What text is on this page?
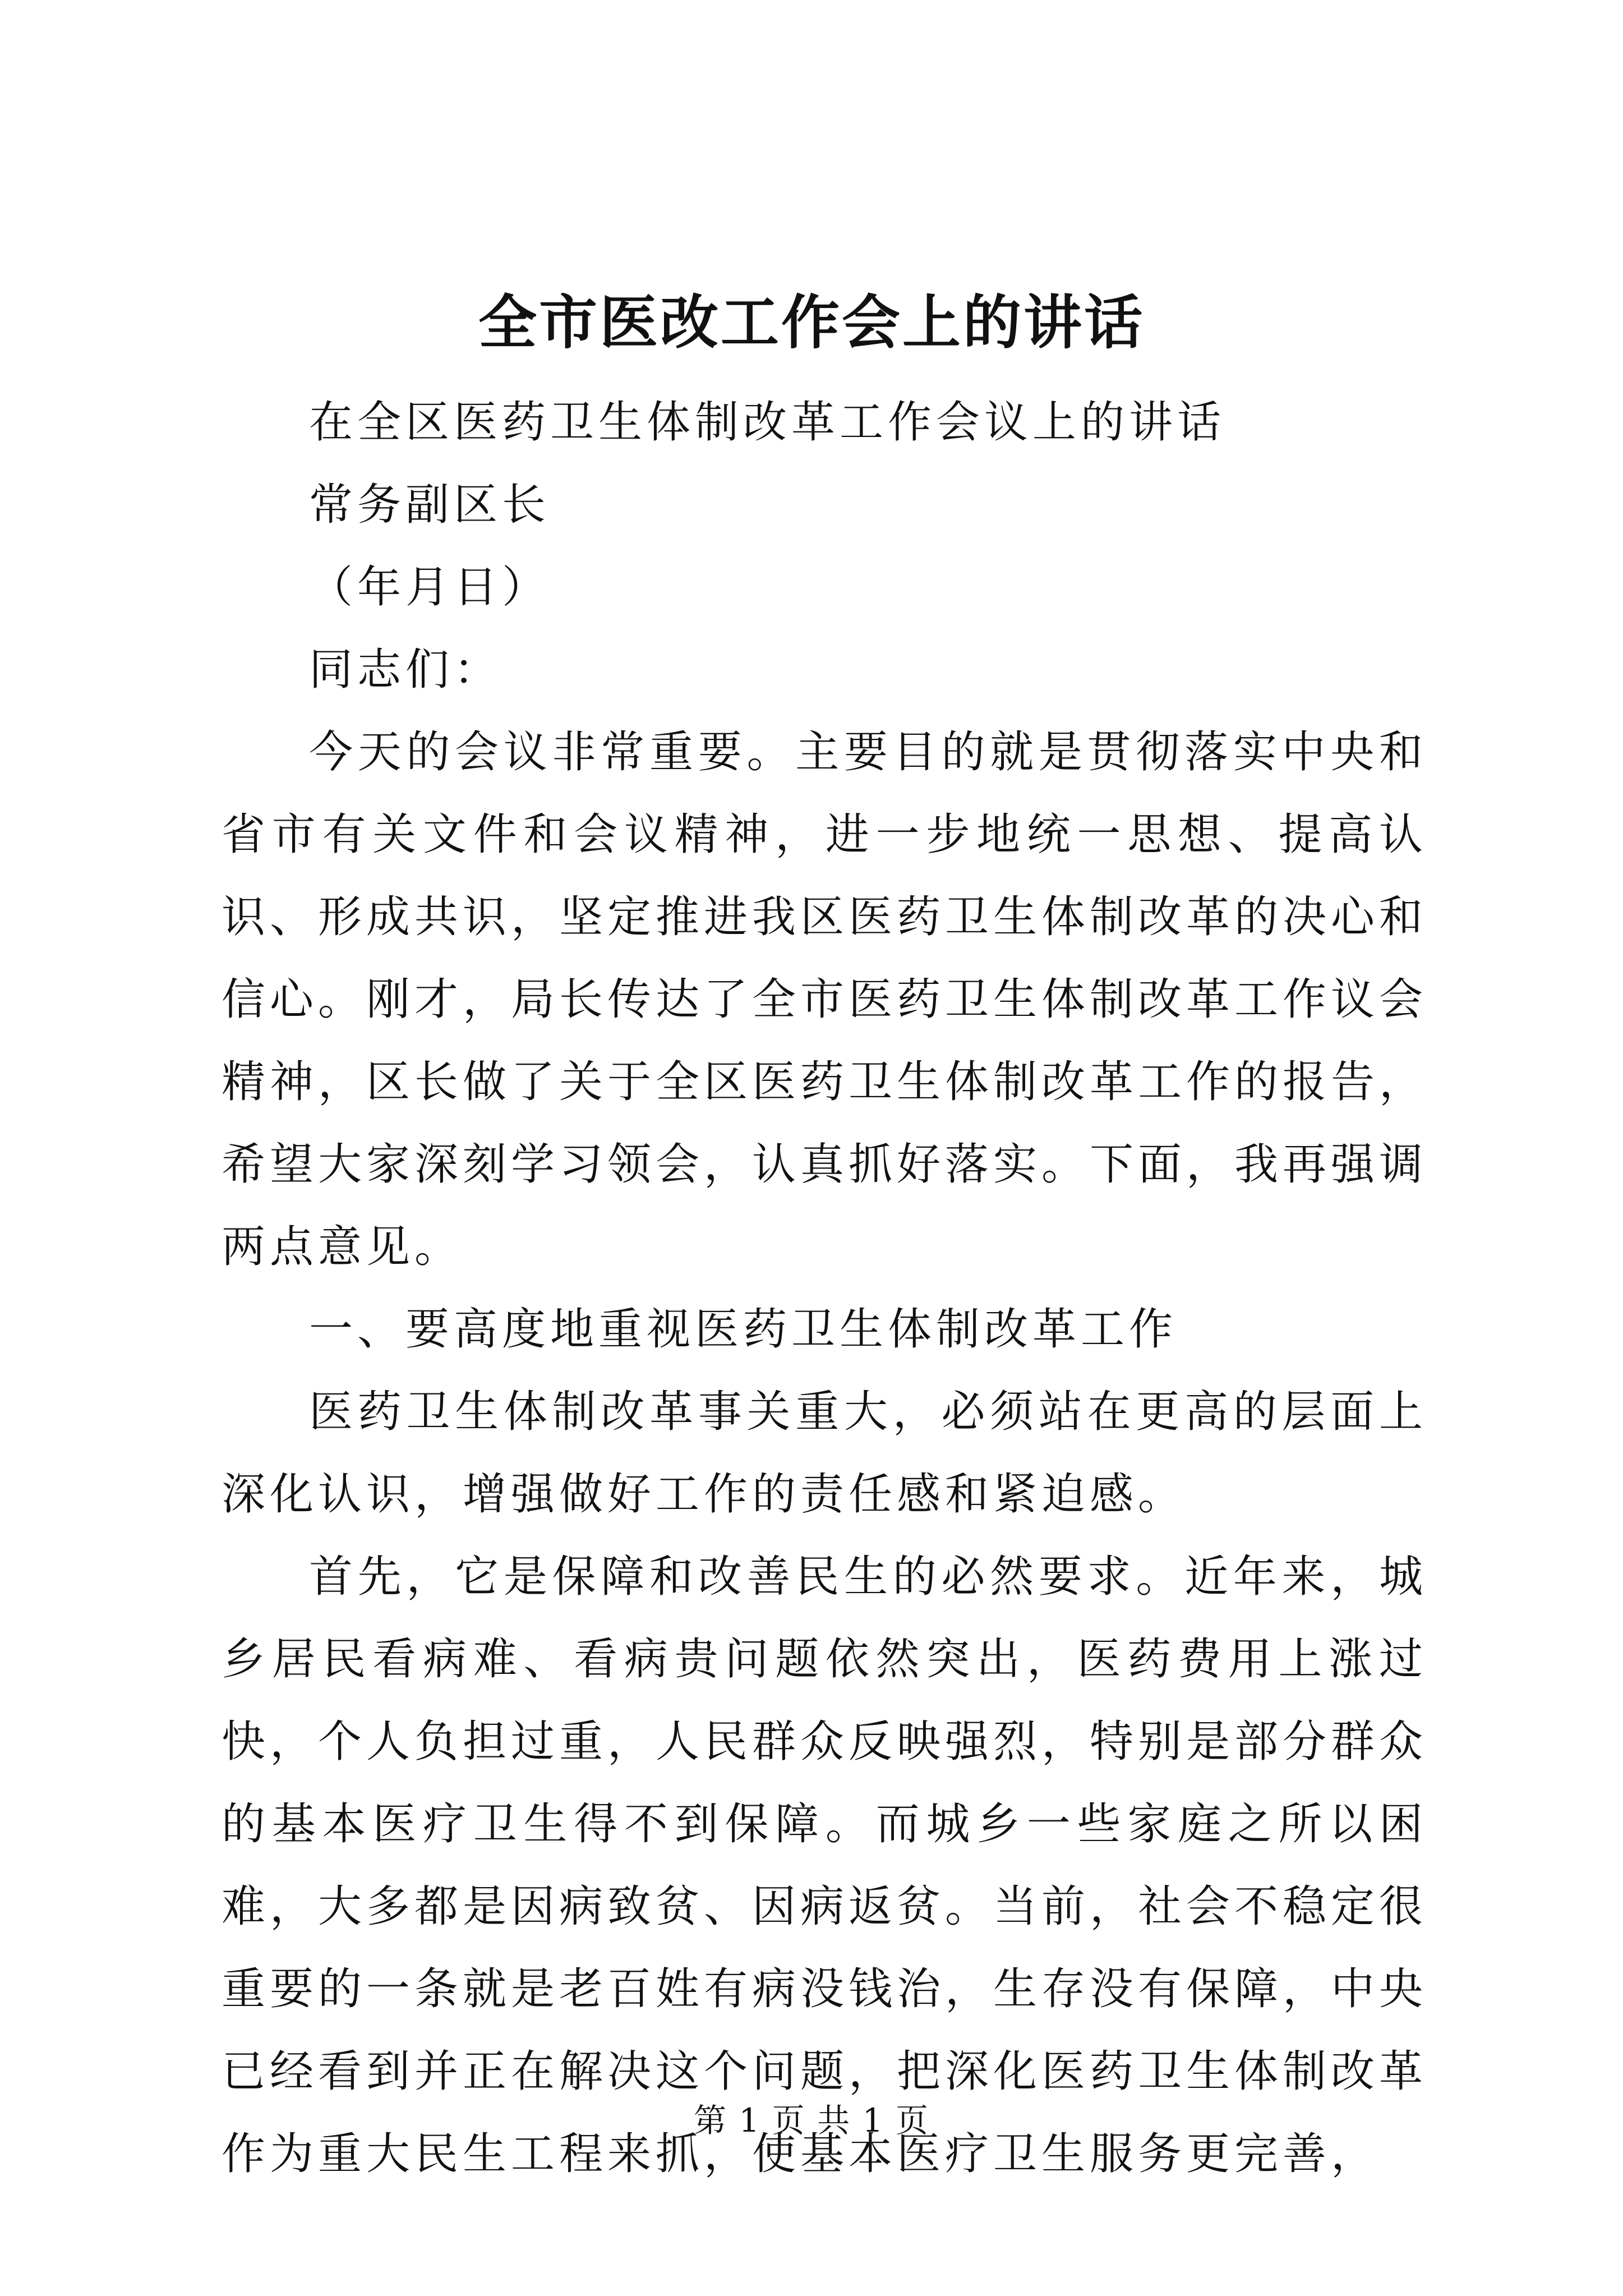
全市医改工作会上的讲话

在全区医药卫生体制改革工作会议上的讲话

常务副区长

（年月日）

同志们：

今天的会议非常重要。主要目的就是贯彻落实中央和省市有关文件和会议精神，进一步地统一思想、提高认识、形成共识，坚定推进我区医药卫生体制改革的决心和信心。刚才，局长传达了全市医药卫生体制改革工作议会精神，区长做了关于全区医药卫生体制改革工作的报告，希望大家深刻学习领会，认真抓好落实。下面，我再强调两点意见。

一、要高度地重视医药卫生体制改革工作

医药卫生体制改革事关重大，必须站在更高的层面上深化认识，增强做好工作的责任感和紧迫感。

首先，它是保障和改善民生的必然要求。近年来，城乡居民看病难、看病贵问题依然突出，医药费用上涨过快，个人负担过重，人民群众反映强烈，特别是部分群众的基本医疗卫生得不到保障。而城乡一些家庭之所以困难，大多都是因病致贫、因病返贫。当前，社会不稳定很重要的一条就是老百姓有病没钱治，生存没有保障，中央已经看到并正在解决这个问题，把深化医药卫生体制改革作为重大民生工程来抓，使基本医疗卫生服务更完善，

第 1 页 共 1 页
